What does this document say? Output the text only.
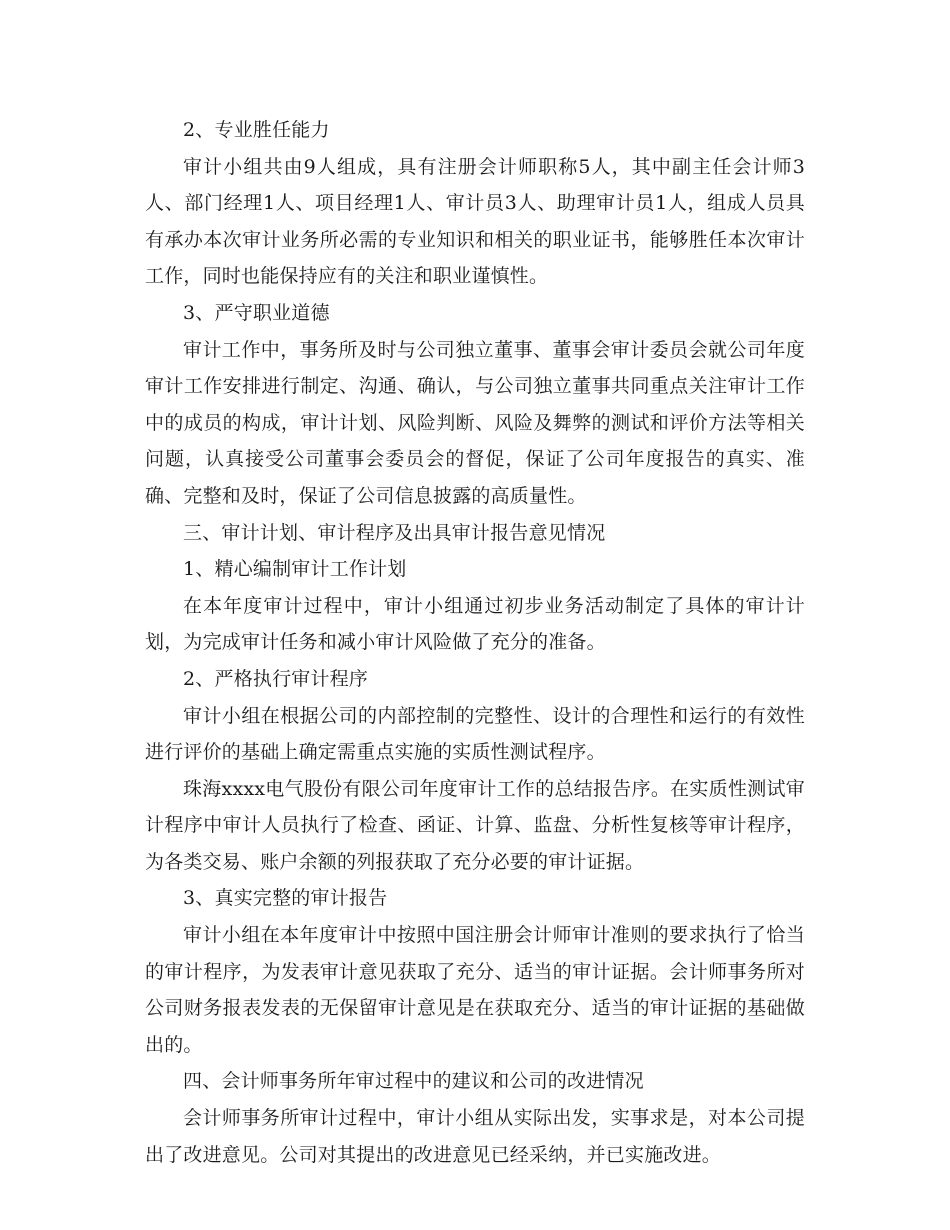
2、专业胜任能力

审计小组共由9人组成，具有注册会计师职称5人，其中副主任会计师3人、部门经理1人、项目经理1人、审计员3人、助理审计员1人，组成人员具有承办本次审计业务所必需的专业知识和相关的职业证书，能够胜任本次审计工作，同时也能保持应有的关注和职业谨慎性。

3、严守职业道德

审计工作中，事务所及时与公司独立董事、董事会审计委员会就公司年度审计工作安排进行制定、沟通、确认，与公司独立董事共同重点关注审计工作中的成员的构成，审计计划、风险判断、风险及舞弊的测试和评价方法等相关问题，认真接受公司董事会委员会的督促，保证了公司年度报告的真实、准确、完整和及时，保证了公司信息披露的高质量性。

三、审计计划、审计程序及出具审计报告意见情况

1、精心编制审计工作计划

在本年度审计过程中，审计小组通过初步业务活动制定了具体的审计计划，为完成审计任务和减小审计风险做了充分的准备。

2、严格执行审计程序

审计小组在根据公司的内部控制的完整性、设计的合理性和运行的有效性进行评价的基础上确定需重点实施的实质性测试程序。

珠海xxxx电气股份有限公司年度审计工作的总结报告序。在实质性测试审计程序中审计人员执行了检查、函证、计算、监盘、分析性复核等审计程序，为各类交易、账户余额的列报获取了充分必要的审计证据。

3、真实完整的审计报告

审计小组在本年度审计中按照中国注册会计师审计准则的要求执行了恰当的审计程序，为发表审计意见获取了充分、适当的审计证据。会计师事务所对公司财务报表发表的无保留审计意见是在获取充分、适当的审计证据的基础做出的。

四、会计师事务所年审过程中的建议和公司的改进情况

会计师事务所审计过程中，审计小组从实际出发，实事求是，对本公司提出了改进意见。公司对其提出的改进意见已经采纳，并已实施改进。
